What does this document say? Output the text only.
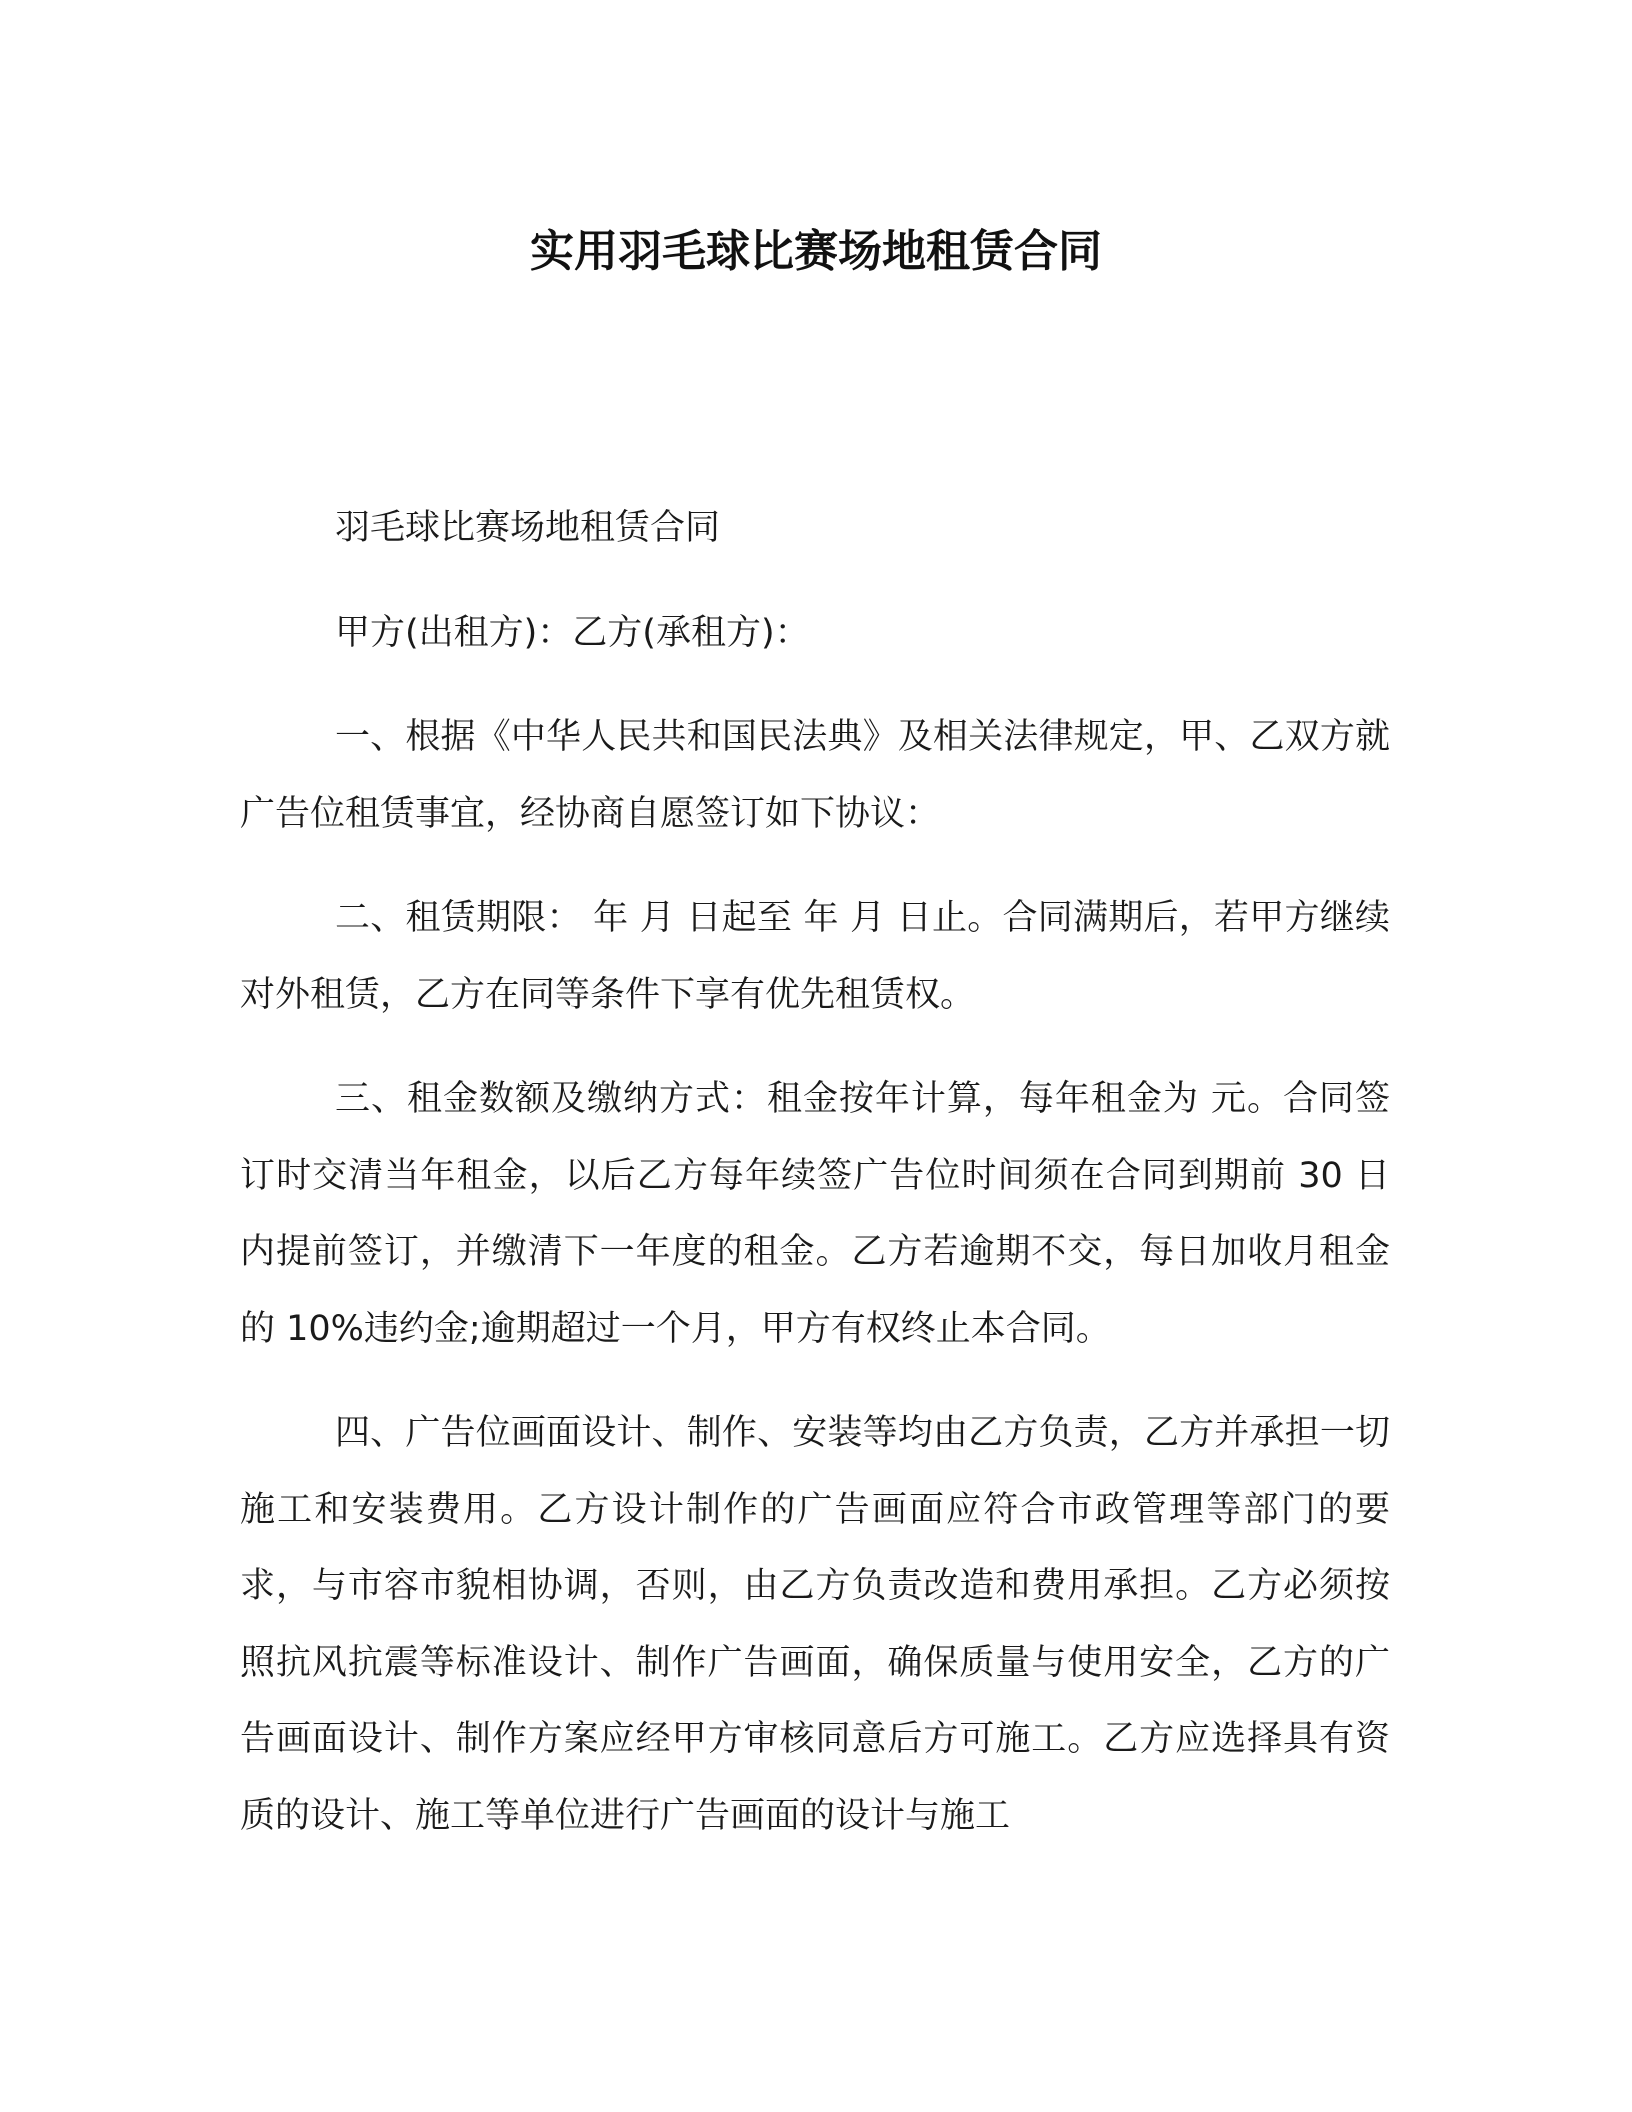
实用羽毛球比赛场地租赁合同

羽毛球比赛场地租赁合同

甲方(出租方)：乙方(承租方)：

一、根据《中华人民共和国民法典》及相关法律规定，甲、乙双方就广告位租赁事宜，经协商自愿签订如下协议：

二、租赁期限： 年 月 日起至 年 月 日止。合同满期后，若甲方继续对外租赁，乙方在同等条件下享有优先租赁权。

三、租金数额及缴纳方式：租金按年计算，每年租金为 元。合同签订时交清当年租金，以后乙方每年续签广告位时间须在合同到期前 30 日内提前签订，并缴清下一年度的租金。乙方若逾期不交，每日加收月租金的 10%违约金;逾期超过一个月，甲方有权终止本合同。

四、广告位画面设计、制作、安装等均由乙方负责，乙方并承担一切施工和安装费用。乙方设计制作的广告画面应符合市政管理等部门的要求，与市容市貌相协调，否则，由乙方负责改造和费用承担。乙方必须按照抗风抗震等标准设计、制作广告画面，确保质量与使用安全，乙方的广告画面设计、制作方案应经甲方审核同意后方可施工。乙方应选择具有资质的设计、施工等单位进行广告画面的设计与施工
